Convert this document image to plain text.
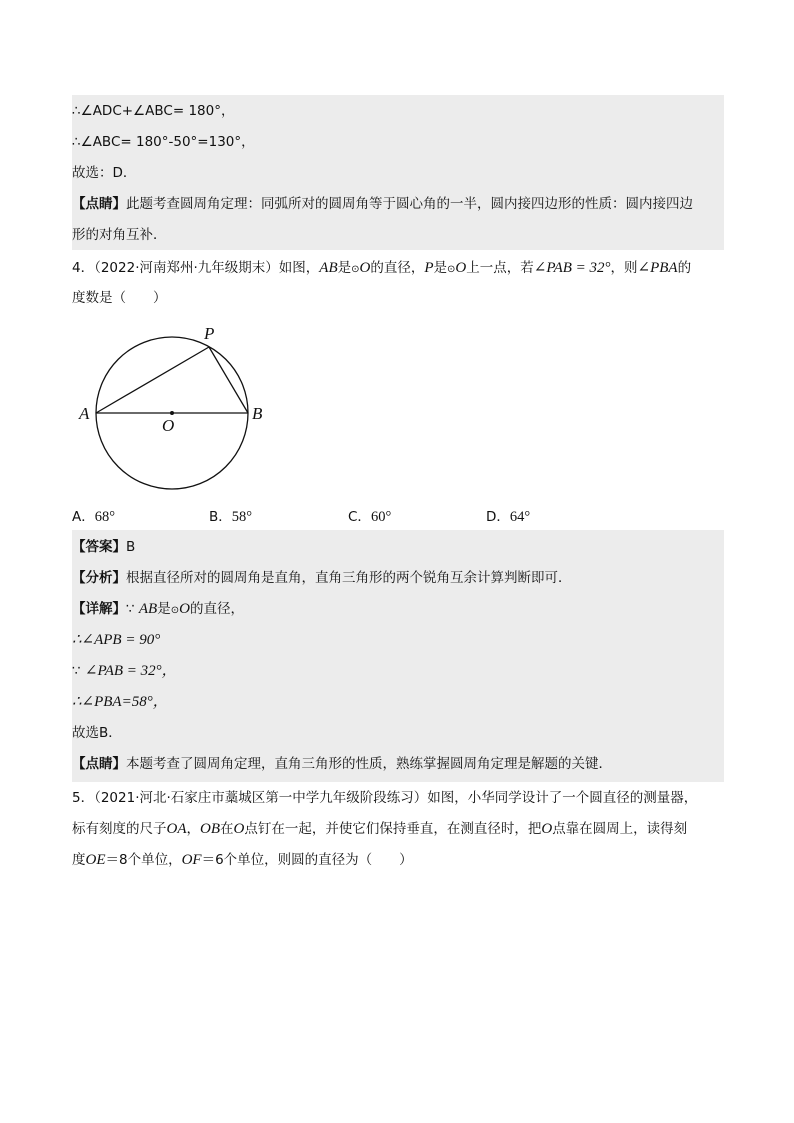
∴∠ADC+∠ABC= 180°，
∴∠ABC= 180°-50°=130°，
故选：D．
【点睛】此题考查圆周角定理：同弧所对的圆周角等于圆心角的一半，圆内接四边形的性质：圆内接四边
形的对角互补．
4．（2022·河南郑州·九年级期末）如图，AB是⊙O的直径，P是⊙O上一点，若∠PAB = 32°，则∠PBA的
度数是（　　）
A	B
P
O
A．68°	B．58°	C．60°	D．64°
【答案】B
【分析】根据直径所对的圆周角是直角，直角三角形的两个锐角互余计算判断即可．
【详解】∵ AB是⊙O的直径，
∴∠APB = 90°
∵ ∠PAB = 32°，
∴∠PBA=58°，
故选B．
【点睛】本题考查了圆周角定理，直角三角形的性质，熟练掌握圆周角定理是解题的关键．
5．（2021·河北·石家庄市藁城区第一中学九年级阶段练习）如图，小华同学设计了一个圆直径的测量器，
标有刻度的尺子OA，OB在O点钉在一起，并使它们保持垂直，在测直径时，把O点靠在圆周上，读得刻
度OE＝8个单位，OF＝6个单位，则圆的直径为（　　）
